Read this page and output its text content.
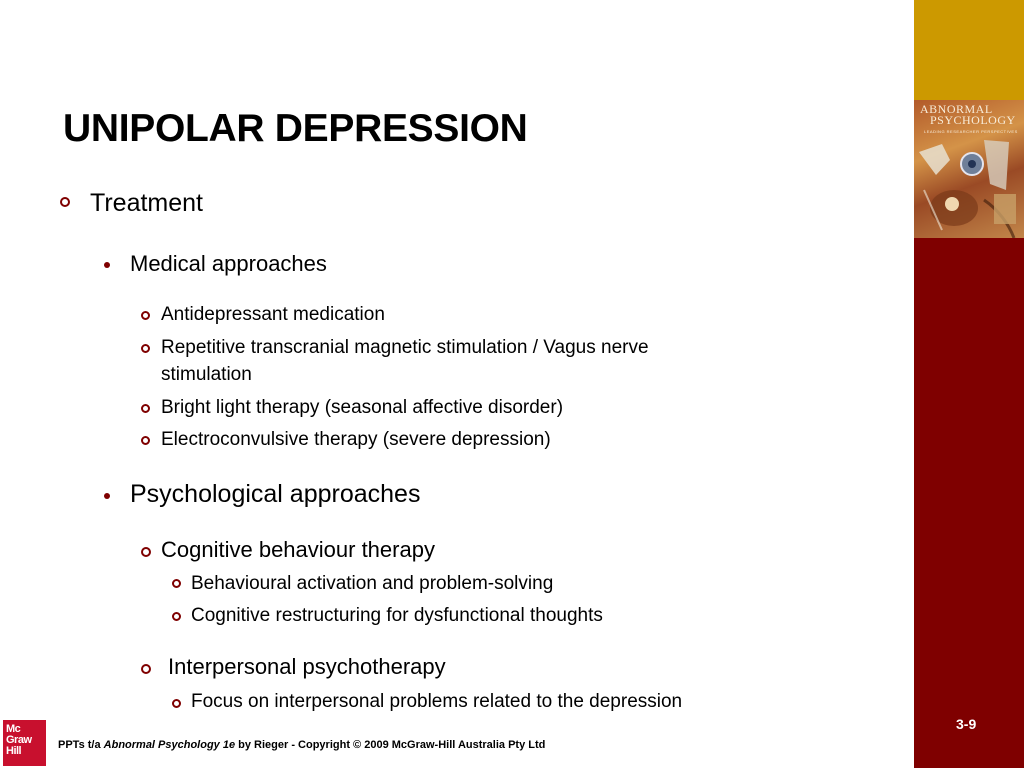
ABNORMAL
PSYCHOLOGY
LEADING RESEARCHER PERSPECTIVES
3-9
UNIPOLAR DEPRESSION
Treatment
Medical approaches
Antidepressant medication
Repetitive transcranial magnetic stimulation / Vagus nerve
stimulation
Bright light therapy (seasonal affective disorder)
Electroconvulsive therapy (severe depression)
Psychological approaches
Cognitive behaviour therapy
Behavioural activation and problem-solving
Cognitive restructuring for dysfunctional thoughts
Interpersonal psychotherapy
Focus on interpersonal problems related to the depression
Mc
Graw
Hill	PPTs t/a Abnormal Psychology 1e by Rieger - Copyright © 2009 McGraw-Hill Australia Pty Ltd
